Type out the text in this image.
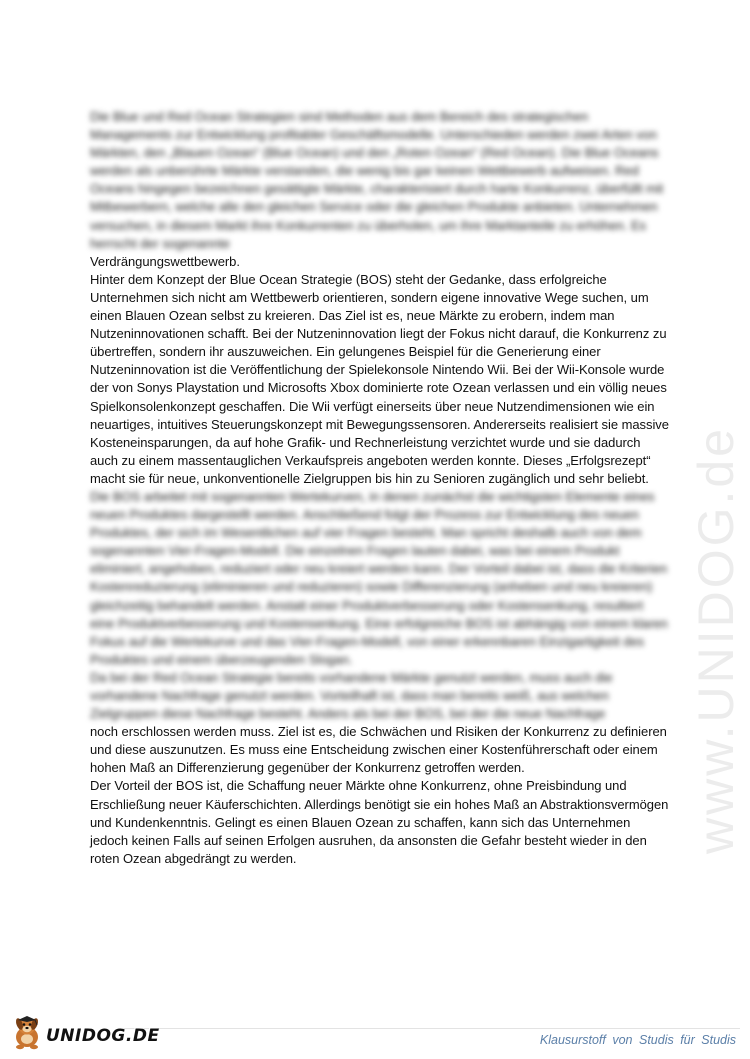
www.UNIDOG.de

Die Blue und Red Ocean Strategien sind Methoden aus dem Bereich des strategischen Managements zur Entwicklung profitabler Geschäftsmodelle. Unterschieden werden zwei Arten von Märkten, den „Blauen Ozean“ (Blue Ocean) und den „Roten Ozean“ (Red Ocean). Die Blue Oceans werden als unberührte Märkte verstanden, die wenig bis gar keinen Wettbewerb aufweisen. Red Oceans hingegen bezeichnen gesättigte Märkte, charakterisiert durch harte Konkurrenz, überfüllt mit Mitbewerbern, welche alle den gleichen Service oder die gleichen Produkte anbieten. Unternehmen versuchen, in diesem Markt ihre Konkurrenten zu überholen, um ihre Marktanteile zu erhöhen. Es herrscht der sogenannte

Verdrängungswettbewerb.

Hinter dem Konzept der Blue Ocean Strategie (BOS) steht der Gedanke, dass erfolgreiche Unternehmen sich nicht am Wettbewerb orientieren, sondern eigene innovative Wege suchen, um einen Blauen Ozean selbst zu kreieren. Das Ziel ist es, neue Märkte zu erobern, indem man Nutzeninnovationen schafft. Bei der Nutzeninnovation liegt der Fokus nicht darauf, die Konkurrenz zu übertreffen, sondern ihr auszuweichen. Ein gelungenes Beispiel für die Generierung einer Nutzeninnovation ist die Veröffentlichung der Spielekonsole Nintendo Wii. Bei der Wii-Konsole wurde der von Sonys Playstation und Microsofts Xbox dominierte rote Ozean verlassen und ein völlig neues Spielkonsolenkonzept geschaffen. Die Wii verfügt einerseits über neue Nutzendimensionen wie ein neuartiges, intuitives Steuerungskonzept mit Bewegungssensoren. Andererseits realisiert sie massive Kosteneinsparungen, da auf hohe Grafik- und Rechnerleistung verzichtet wurde und sie dadurch auch zu einem massentauglichen Verkaufspreis angeboten werden konnte. Dieses „Erfolgsrezept“ macht sie für neue, unkonventionelle Zielgruppen bis hin zu Senioren zugänglich und sehr beliebt.

Die BOS arbeitet mit sogenannten Wertekurven, in denen zunächst die wichtigsten Elemente eines neuen Produktes dargestellt werden. Anschließend folgt der Prozess zur Entwicklung des neuen Produktes, der sich im Wesentlichen auf vier Fragen besteht. Man spricht deshalb auch von dem sogenannten Vier-Fragen-Modell. Die einzelnen Fragen lauten dabei, was bei einem Produkt eliminiert, angehoben, reduziert oder neu kreiert werden kann. Der Vorteil dabei ist, dass die Kriterien Kostenreduzierung (eliminieren und reduzieren) sowie Differenzierung (anheben und neu kreieren) gleichzeitig behandelt werden. Anstatt einer Produktverbesserung oder Kostensenkung, resultiert eine Produktverbesserung und Kostensenkung. Eine erfolgreiche BOS ist abhängig von einem klaren Fokus auf die Wertekurve und das Vier-Fragen-Modell, von einer erkennbaren Einzigartigkeit des Produktes und einem überzeugenden Slogan.

Da bei der Red Ocean Strategie bereits vorhandene Märkte genutzt werden, muss auch die vorhandene Nachfrage genutzt werden. Vorteilhaft ist, dass man bereits weiß, aus welchen Zielgruppen diese Nachfrage besteht. Anders als bei der BOS, bei der die neue Nachfrage

noch erschlossen werden muss. Ziel ist es, die Schwächen und Risiken der Konkurrenz zu definieren und diese auszunutzen. Es muss eine Entscheidung zwischen einer Kostenführerschaft oder einem hohen Maß an Differenzierung gegenüber der Konkurrenz getroffen werden.

Der Vorteil der BOS ist, die Schaffung neuer Märkte ohne Konkurrenz, ohne Preisbindung und Erschließung neuer Käuferschichten. Allerdings benötigt sie ein hohes Maß an Abstraktionsvermögen und Kundenkenntnis. Gelingt es einen Blauen Ozean zu schaffen, kann sich das Unternehmen jedoch keinen Falls auf seinen Erfolgen ausruhen, da ansonsten die Gefahr besteht wieder in den roten Ozean abgedrängt zu werden.

UNIDOG.DE	Klausurstoff von Studis für Studis
